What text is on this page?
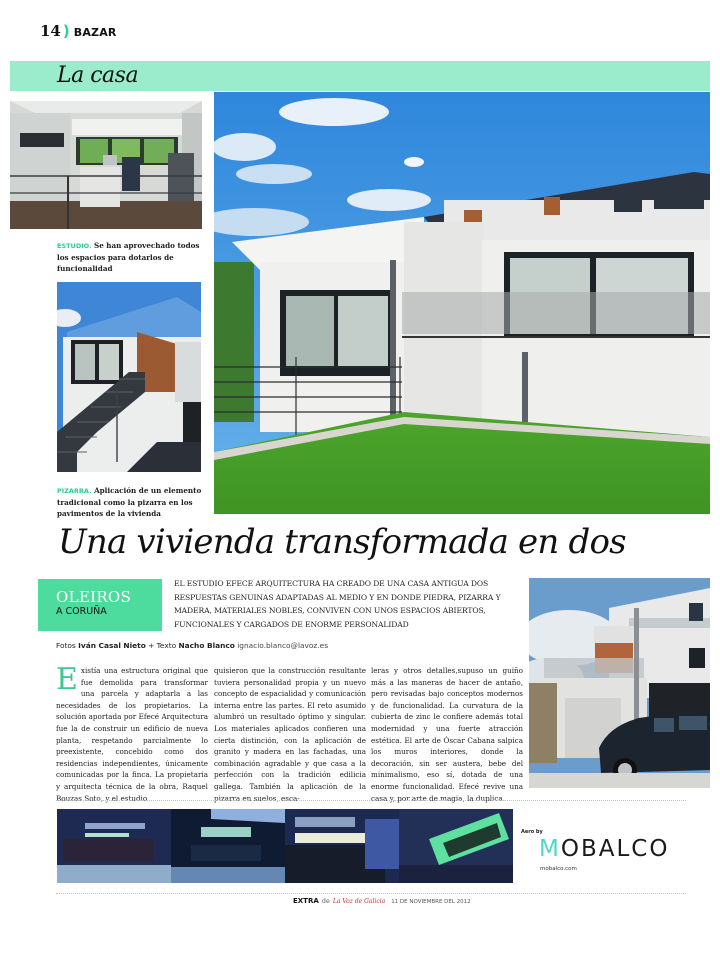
14 ) BAZAR
La casa
ESTUDIO. Se han aprovechado todos los espacios para dotarlos de funcionalidad
PIZARRA. Aplicación de un elemento tradicional como la pizarra en los pavimentos de la vivienda
Una vivienda transformada en dos
OLEIROS
A CORUÑA
EL ESTUDIO EFECE ARQUITECTURA HA CREADO DE UNA CASA ANTIGUA DOS RESPUESTAS GENUINAS ADAPTADAS AL MEDIO Y EN DONDE PIEDRA, PIZARRA Y MADERA, MATERIALES NOBLES, CONVIVEN CON UNOS ESPACIOS ABIERTOS, FUNCIONALES Y CARGADOS DE ENORME PERSONALIDAD
Fotos Iván Casal Nieto + Texto Nacho Blanco ignacio.blanco@lavoz.es
Existía una estructura original que fue demolida para transformar una parcela y adaptarla a las necesidades de los propietarios. La solución aportada por Efecé Arquitectura fue la de construir un edificio de nueva planta, respetando parcialmente lo preexistente, concebido como dos residencias independientes, únicamente comunicadas por la finca. La propietaria y arquitecta técnica de la obra, Raquel Bouzas Soto, y el estudio
quisieron que la construcción resultante tuviera personalidad propia y un nuevo concepto de espacialidad y comunicación interna entre las partes. El reto asumido alumbró un resultado óptimo y singular. Los materiales aplicados confieren una cierta distinción, con la aplicación de granito y madera en las fachadas, una combinación agradable y que casa a la perfección con la tradición edilicia gallega. También la aplicación de la pizarra en suelos, esca-
leras y otros detalles,supuso un guiño más a las maneras de hacer de antaño, pero revisadas bajo conceptos modernos y de funcionalidad. La curvatura de la cubierta de zinc le confiere además total modernidad y una fuerte atracción estética. El arte de Óscar Cabana salpica los muros interiores, donde la decoración, sin ser austera, bebe del minimalismo, eso sí, dotada de una enorme funcionalidad. Efecé revive una casa y, por arte de magia, la duplica.
Aero by
MOBALCO
mobalco.com
EXTRA de La Voz de Galicia 11 DE NOVIEMBRE DEL 2012
